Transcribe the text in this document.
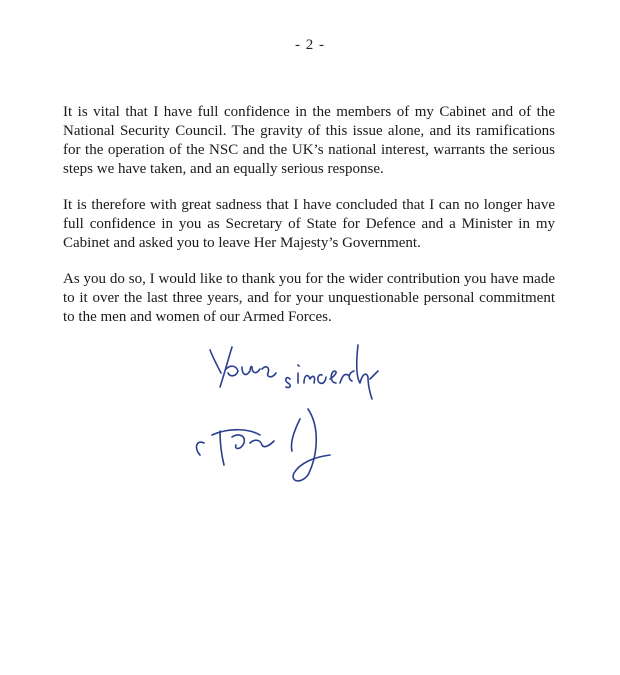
- 2 -

It is vital that I have full confidence in the members of my Cabinet and of the National Security Council. The gravity of this issue alone, and its ramifications for the operation of the NSC and the UK’s national interest, warrants the serious steps we have taken, and an equally serious response.

It is therefore with great sadness that I have concluded that I can no longer have full confidence in you as Secretary of State for Defence and a Minister in my Cabinet and asked you to leave Her Majesty’s Government.

As you do so, I would like to thank you for the wider contribution you have made to it over the last three years, and for your unquestionable personal commitment to the men and women of our Armed Forces.
